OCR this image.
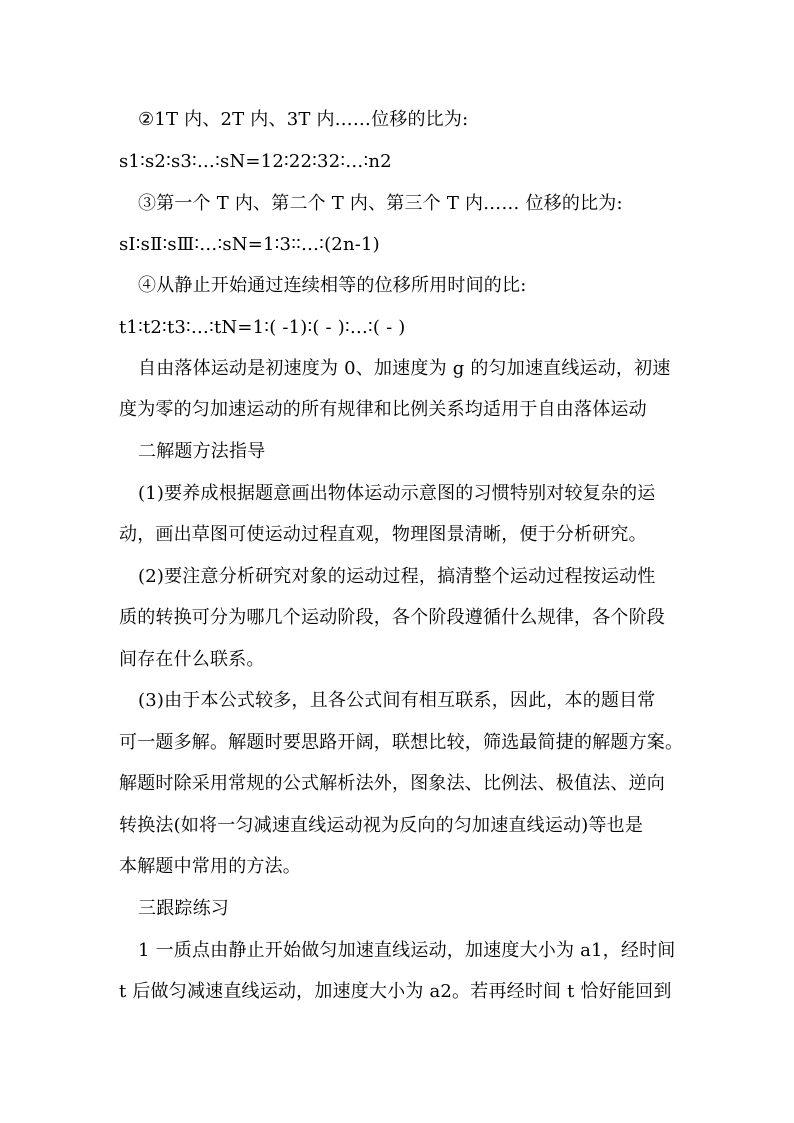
②1T 内、2T 内、3T 内……位移的比为:
s1∶s2∶s3∶…∶sN=12∶22∶32∶…∶n2
③第一个 T 内、第二个 T 内、第三个 T 内…… 位移的比为:
sⅠ∶sⅡ∶sⅢ∶…∶sN=1∶3∶∶…∶(2n-1)
④从静止开始通过连续相等的位移所用时间的比:
t1∶t2∶t3∶…∶tN=1∶( -1)∶( - )∶…∶( - )
自由落体运动是初速度为 0、加速度为 g 的匀加速直线运动，初速
度为零的匀加速运动的所有规律和比例关系均适用于自由落体运动
二解题方法指导
(1)要养成根据题意画出物体运动示意图的习惯特别对较复杂的运
动，画出草图可使运动过程直观，物理图景清晰，便于分析研究。
(2)要注意分析研究对象的运动过程，搞清整个运动过程按运动性
质的转换可分为哪几个运动阶段，各个阶段遵循什么规律，各个阶段
间存在什么联系。
(3)由于本公式较多，且各公式间有相互联系，因此，本的题目常
可一题多解。解题时要思路开阔，联想比较，筛选最简捷的解题方案。
解题时除采用常规的公式解析法外，图象法、比例法、极值法、逆向
转换法(如将一匀减速直线运动视为反向的匀加速直线运动)等也是
本解题中常用的方法。
三跟踪练习
1 一质点由静止开始做匀加速直线运动，加速度大小为 a1，经时间
t 后做匀减速直线运动，加速度大小为 a2。若再经时间 t 恰好能回到
